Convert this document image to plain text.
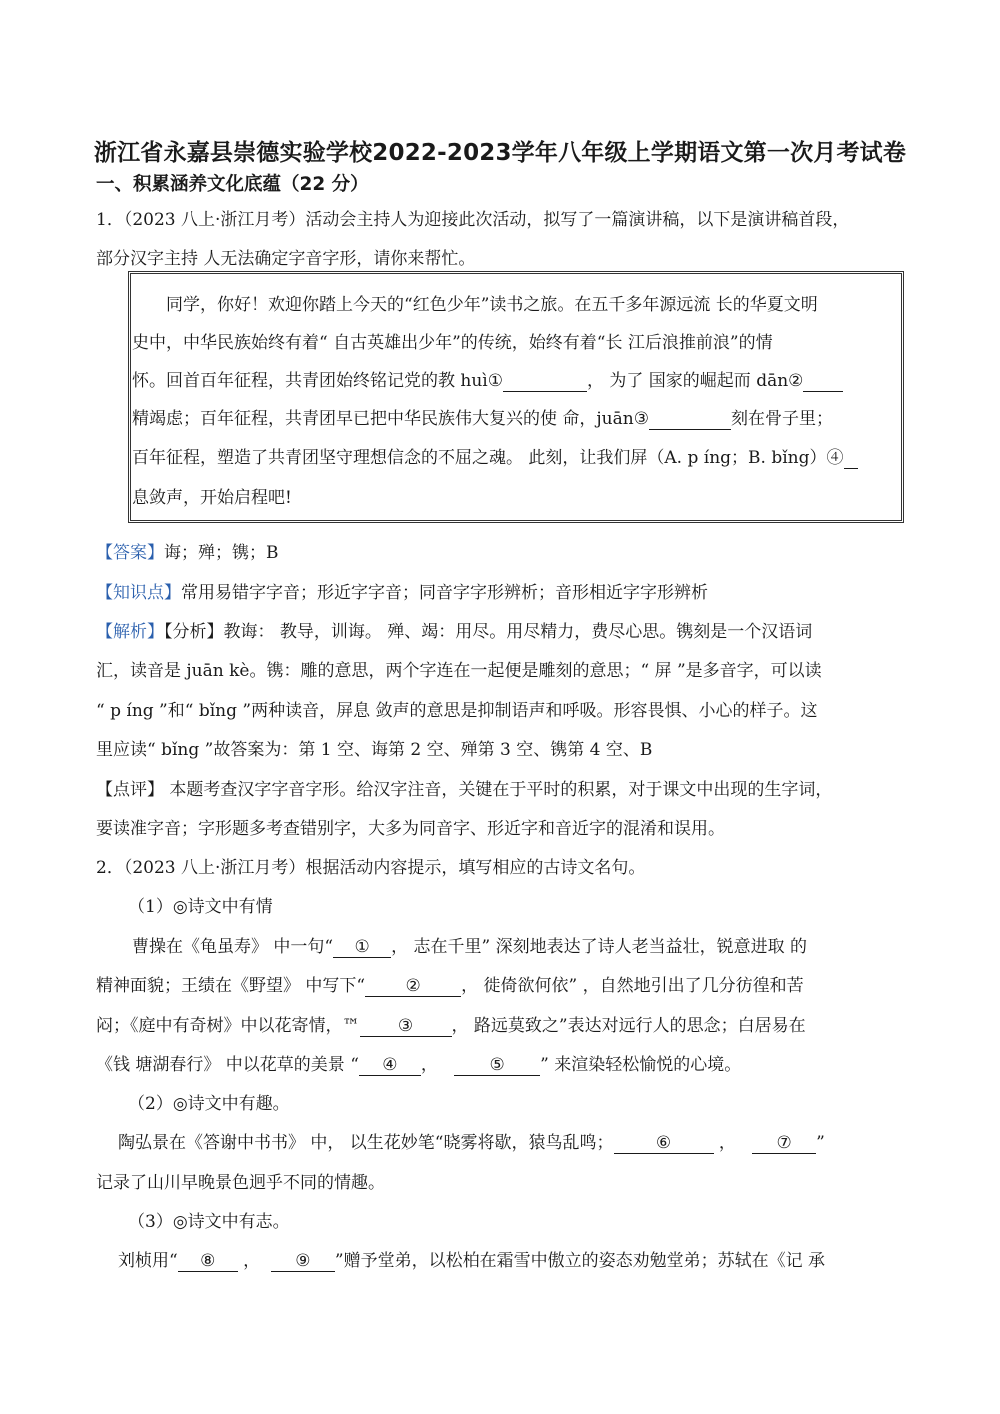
浙江省永嘉县崇德实验学校2022-2023学年八年级上学期语文第一次月考试卷
一、积累涵养文化底蕴（22 分）
1．（2023 八上·浙江月考）活动会主持人为迎接此次活动，拟写了一篇演讲稿，以下是演讲稿首段，
部分汉字主持 人无法确定字音字形，请你来帮忙。
同学，你好！欢迎你踏上今天的“红色少年”读书之旅。在五千多年源远流 长的华夏文明
史中，中华民族始终有着“ 自古英雄出少年”的传统，始终有着“长 江后浪推前浪”的情
怀。回首百年征程，共青团始终铭记党的教 huì①	， 为了 国家的崛起而 dān②
精竭虑；百年征程，共青团早已把中华民族伟大复兴的使 命，juān③	刻在骨子里；
百年征程，塑造了共青团坚守理想信念的不屈之魂。 此刻，让我们屏（A. p íng；B. bǐng）④
息敛声，开始启程吧!
【答案】诲；殚；镌；B
【知识点】常用易错字字音；形近字字音；同音字字形辨析；音形相近字字形辨析
【解析】【分析】教诲： 教导，训诲。 殚、竭：用尽。用尽精力，费尽心思。镌刻是一个汉语词
汇，读音是 juān kè。镌：雕的意思，两个字连在一起便是雕刻的意思；“ 屏 ”是多音字，可以读
“ p íng ”和“ bǐng ”两种读音，屏息 敛声的意思是抑制语声和呼吸。形容畏惧、小心的样子。这
里应读“ bǐng ”故答案为：第 1 空、诲第 2 空、殚第 3 空、镌第 4 空、B
【点评】 本题考查汉字字音字形。给汉字注音，关键在于平时的积累，对于课文中出现的生字词，
要读准字音；字形题多考查错别字，大多为同音字、形近字和音近字的混淆和误用。
2．（2023 八上·浙江月考）根据活动内容提示，填写相应的古诗文名句。
（1）◎诗文中有情
曹操在《龟虽寿》 中一句“ ① ， 志在千里” 深刻地表达了诗人老当益壮，锐意进取 的
精神面貌；王绩在《野望》 中写下“ ② ， 徙倚欲何依” ，自然地引出了几分彷徨和苦
闷；《庭中有奇树》中以花寄情，™ ③ ， 路远莫致之”表达对远行人的思念；白居易在
《钱 塘湖春行》 中以花草的美景 “ ④ ，	⑤ ” 来渲染轻松愉悦的心境。
（2）◎诗文中有趣。
陶弘景在《答谢中书书》 中， 以生花妙笔“晓雾将歇，猿鸟乱鸣； ⑥	， ⑦ ”
记录了山川早晚景色迥乎不同的情趣。
（3）◎诗文中有志。
刘桢用“ ⑧ ， ⑨ ”赠予堂弟，以松柏在霜雪中傲立的姿态劝勉堂弟；苏轼在《记 承
